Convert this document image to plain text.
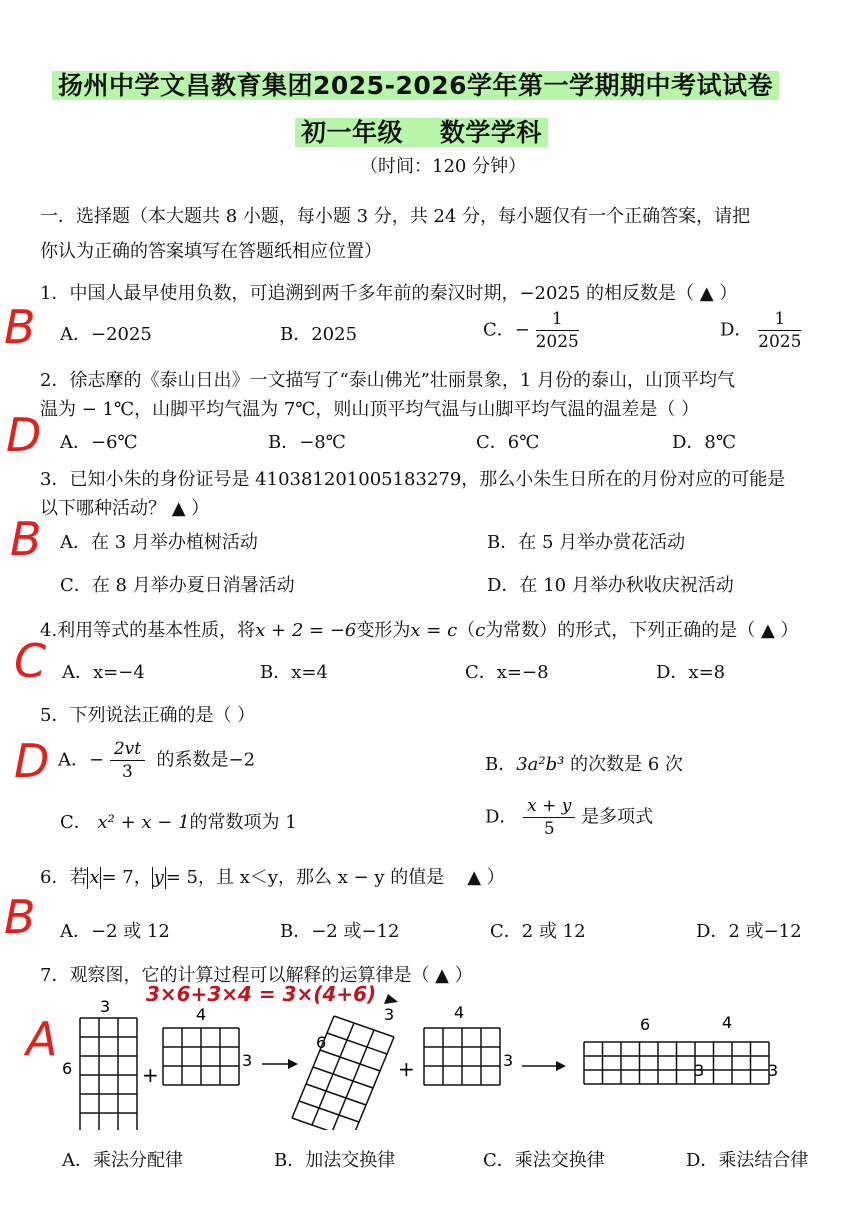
扬州中学文昌教育集团2025-2026学年第一学期期中考试试卷
初一年级 数学学科
（时间：120 分钟）
一．选择题（本大题共 8 小题，每小题 3 分，共 24 分，每小题仅有一个正确答案，请把
你认为正确的答案填写在答题纸相应位置）
1．中国人最早使用负数，可追溯到两千多年前的秦汉时期，−2025 的相反数是（ ▲ ）
B A．−2025	B．2025	C．− $\frac{1}{2025}$	D． $\frac{1}{2025}$
2．徐志摩的《泰山日出》一文描写了“泰山佛光”壮丽景象，1 月份的泰山，山顶平均气
温为 − 1℃，山脚平均气温为 7℃，则山顶平均气温与山脚平均气温的温差是（ ）
D A．−6℃	B．−8℃	C．6℃	D．8℃
3．已知小朱的身份证号是 410381201005183279，那么小朱生日所在的月份对应的可能是
以下哪种活动？ ▲ ）
B A．在 3 月举办植树活动	B．在 5 月举办赏花活动
C．在 8 月举办夏日消暑活动	D．在 10 月举办秋收庆祝活动
4.利用等式的基本性质，将x + 2 = −6变形为x = c（c为常数）的形式，下列正确的是（ ▲ ）
C A．x=−4	B．x=4	C．x=−8	D．x=8
5．下列说法正确的是（ ）
D A．− $\frac{2vt}{3}$ 的系数是−2	B．3a²b³ 的次数是 6 次
C． x² + x − 1的常数项为 1	D． $\frac{x + y}{5}$ 是多项式
6．若 x = 7， y = 5，且 x＜y，那么 x − y 的值是 ▲ ）
B A．−2 或 12	B．−2 或−12	C．2 或 12	D．2 或−12
7．观察图，它的计算过程可以解释的运算律是（ ▲ ）
3×6+3×4 = 3×(4+6)
A
3
6	+
4
3
6
3
+
4
3
6	4
3	3
A．乘法分配律	B．加法交换律	C．乘法交换律	D．乘法结合律
